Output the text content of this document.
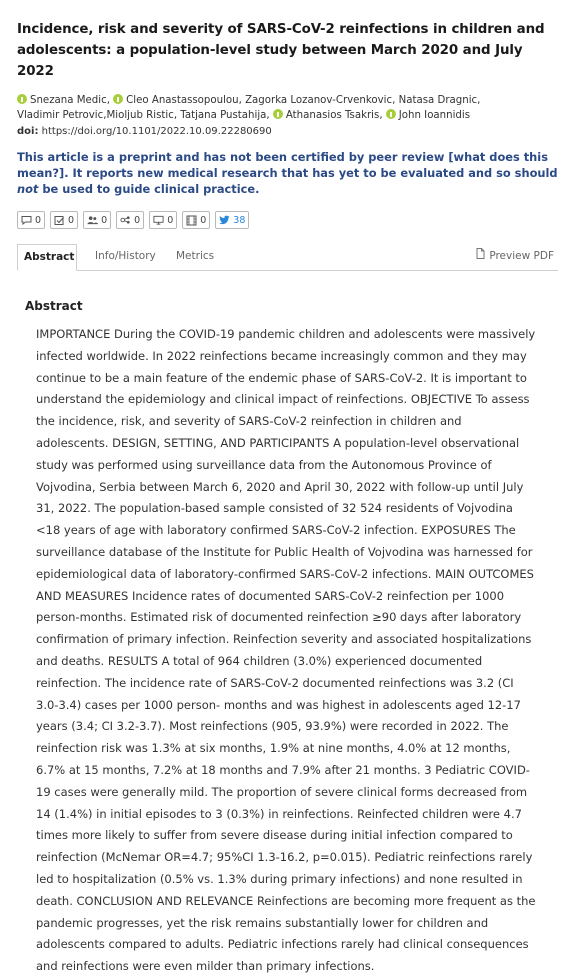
Incidence, risk and severity of SARS-CoV-2 reinfections in children and adolescents: a population-level study between March 2020 and July 2022
Snezana Medic, Cleo Anastassopoulou, Zagorka Lozanov-Crvenkovic, Natasa Dragnic, Vladimir Petrovic,Mioljub Ristic, Tatjana Pustahija, Athanasios Tsakris, John Ioannidis
doi: https://doi.org/10.1101/2022.10.09.22280690
This article is a preprint and has not been certified by peer review [what does this mean?]. It reports new medical research that has yet to be evaluated and so should not be used to guide clinical practice.
0	0	0	0	0	0	38
Abstract	Info/History	Metrics	Preview PDF
Abstract
IMPORTANCE During the COVID-19 pandemic children and adolescents were massively infected worldwide. In 2022 reinfections became increasingly common and they may continue to be a main feature of the endemic phase of SARS-CoV-2. It is important to understand the epidemiology and clinical impact of reinfections. OBJECTIVE To assess the incidence, risk, and severity of SARS-CoV-2 reinfection in children and adolescents. DESIGN, SETTING, AND PARTICIPANTS A population-level observational study was performed using surveillance data from the Autonomous Province of Vojvodina, Serbia between March 6, 2020 and April 30, 2022 with follow-up until July 31, 2022. The population-based sample consisted of 32 524 residents of Vojvodina <18 years of age with laboratory confirmed SARS-CoV-2 infection. EXPOSURES The surveillance database of the Institute for Public Health of Vojvodina was harnessed for epidemiological data of laboratory-confirmed SARS-CoV-2 infections. MAIN OUTCOMES AND MEASURES Incidence rates of documented SARS-CoV-2 reinfection per 1000 person-months. Estimated risk of documented reinfection ≥90 days after laboratory confirmation of primary infection. Reinfection severity and associated hospitalizations and deaths. RESULTS A total of 964 children (3.0%) experienced documented reinfection. The incidence rate of SARS-CoV-2 documented reinfections was 3.2 (CI 3.0-3.4) cases per 1000 person- months and was highest in adolescents aged 12-17 years (3.4; CI 3.2-3.7). Most reinfections (905, 93.9%) were recorded in 2022. The reinfection risk was 1.3% at six months, 1.9% at nine months, 4.0% at 12 months, 6.7% at 15 months, 7.2% at 18 months and 7.9% after 21 months. 3 Pediatric COVID-19 cases were generally mild. The proportion of severe clinical forms decreased from 14 (1.4%) in initial episodes to 3 (0.3%) in reinfections. Reinfected children were 4.7 times more likely to suffer from severe disease during initial infection compared to reinfection (McNemar OR=4.7; 95%CI 1.3-16.2, p=0.015). Pediatric reinfections rarely led to hospitalization (0.5% vs. 1.3% during primary infections) and none resulted in death. CONCLUSION AND RELEVANCE Reinfections are becoming more frequent as the pandemic progresses, yet the risk remains substantially lower for children and adolescents compared to adults. Pediatric infections rarely had clinical consequences and reinfections were even milder than primary infections.
